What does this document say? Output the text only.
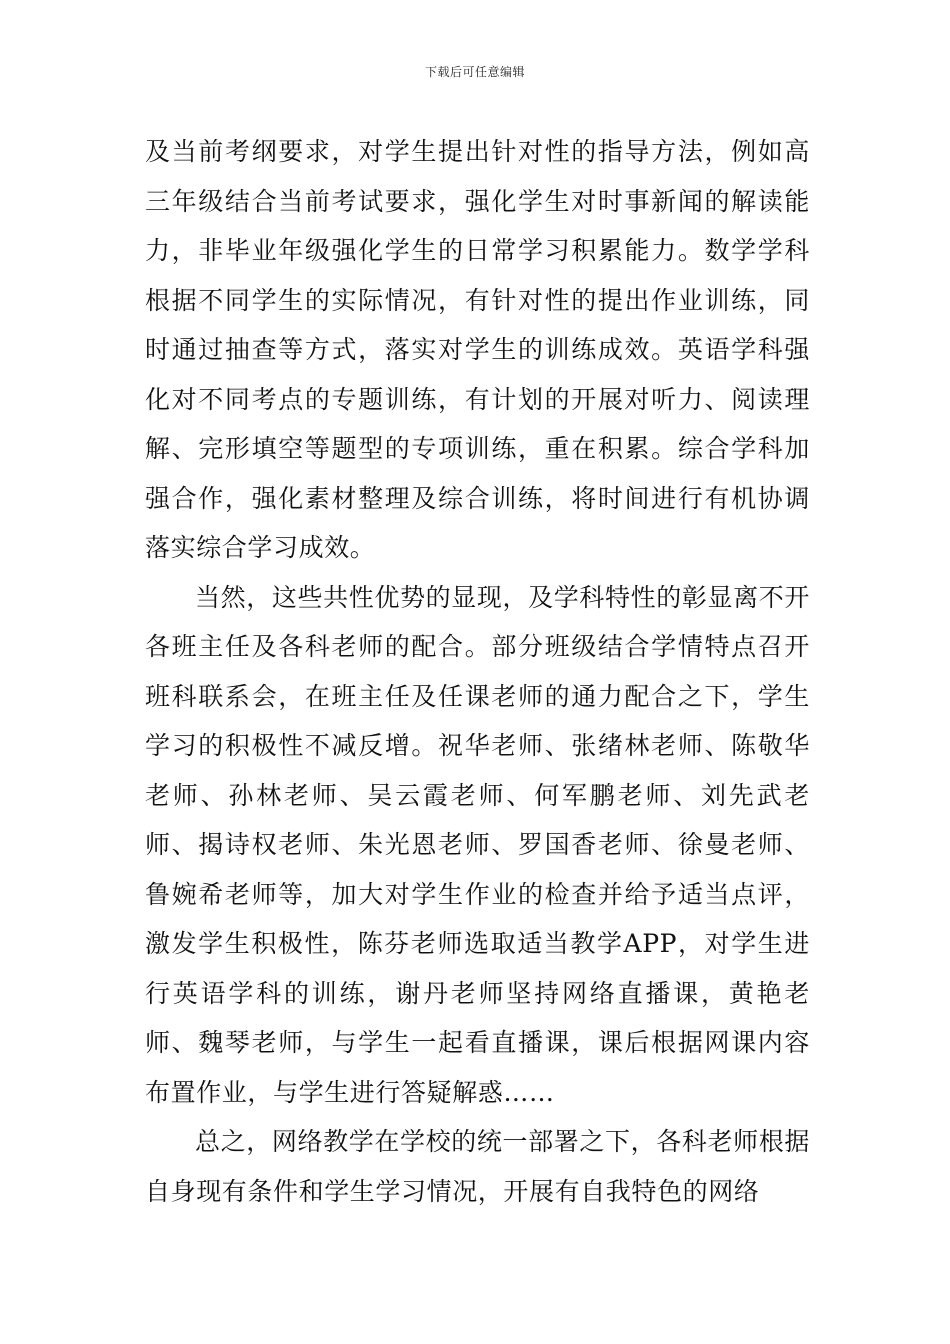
下载后可任意编辑

及当前考纲要求，对学生提出针对性的指导方法，例如高三年级结合当前考试要求，强化学生对时事新闻的解读能力，非毕业年级强化学生的日常学习积累能力。数学学科根据不同学生的实际情况，有针对性的提出作业训练，同时通过抽查等方式，落实对学生的训练成效。英语学科强化对不同考点的专题训练，有计划的开展对听力、阅读理解、完形填空等题型的专项训练，重在积累。综合学科加强合作，强化素材整理及综合训练，将时间进行有机协调落实综合学习成效。

当然，这些共性优势的显现，及学科特性的彰显离不开各班主任及各科老师的配合。部分班级结合学情特点召开班科联系会，在班主任及任课老师的通力配合之下，学生学习的积极性不减反增。祝华老师、张绪林老师、陈敬华老师、孙林老师、吴云霞老师、何军鹏老师、刘先武老师、揭诗权老师、朱光恩老师、罗国香老师、徐曼老师、鲁婉希老师等，加大对学生作业的检查并给予适当点评，激发学生积极性，陈芬老师选取适当教学APP，对学生进行英语学科的训练，谢丹老师坚持网络直播课，黄艳老师、魏琴老师，与学生一起看直播课，课后根据网课内容布置作业，与学生进行答疑解惑……

总之，网络教学在学校的统一部署之下，各科老师根据自身现有条件和学生学习情况，开展有自我特色的网络
